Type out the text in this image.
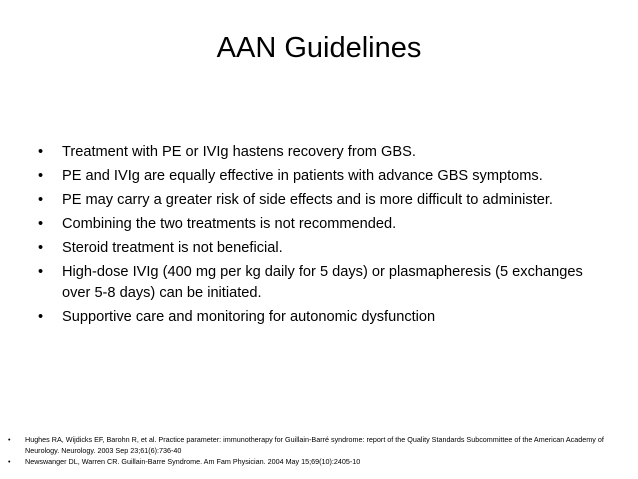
AAN Guidelines
• Treatment with PE or IVIg hastens recovery from GBS.
• PE and IVIg are equally effective in patients with advance GBS symptoms.
• PE may carry a greater risk of side effects and is more difficult to administer.
• Combining the two treatments is not recommended.
• Steroid treatment is not beneficial.
• High-dose IVIg (400 mg per kg daily for 5 days) or plasmapheresis (5 exchanges over 5-8 days) can be initiated.
• Supportive care and monitoring for autonomic dysfunction
• Hughes RA, Wijdicks EF, Barohn R, et al. Practice parameter: immunotherapy for Guillain-Barré syndrome: report of the Quality Standards Subcommittee of the American Academy of Neurology. Neurology. 2003 Sep 23;61(6):736-40
• Newswanger DL, Warren CR. Guillain-Barre Syndrome. Am Fam Physician. 2004 May 15;69(10):2405-10
